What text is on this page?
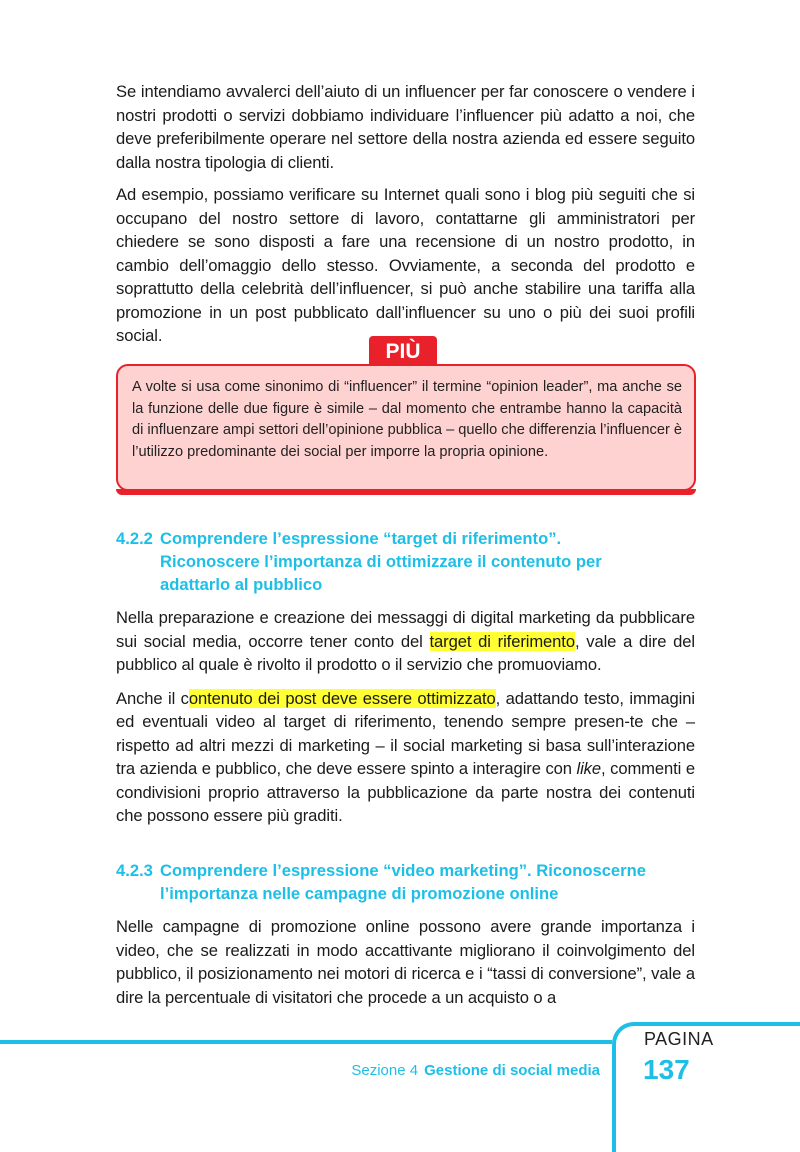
Se intendiamo avvalerci dell’aiuto di un influencer per far conoscere o vendere i nostri prodotti o servizi dobbiamo individuare l’influencer più adatto a noi, che deve preferibilmente operare nel settore della nostra azienda ed essere seguito dalla nostra tipologia di clienti.

Ad esempio, possiamo verificare su Internet quali sono i blog più seguiti che si occupano del nostro settore di lavoro, contattarne gli amministratori per chiedere se sono disposti a fare una recensione di un nostro prodotto, in cambio dell’omaggio dello stesso. Ovviamente, a seconda del prodotto e soprattutto della celebrità dell’influencer, si può anche stabilire una tariffa alla promozione in un post pubblicato dall’influencer su uno o più dei suoi profili social.

PIÙ

A volte si usa come sinonimo di “influencer” il termine “opinion leader”, ma anche se la funzione delle due figure è simile – dal momento che entrambe hanno la capacità di influenzare ampi settori dell’opinione pubblica – quello che differenzia l’influencer è l’utilizzo predominante dei social per imporre la propria opinione.

4.2.2 Comprendere l’espressione “target di riferimento”.
Riconoscere l’importanza di ottimizzare il contenuto per
adattarlo al pubblico

Nella preparazione e creazione dei messaggi di digital marketing da pubblicare sui social media, occorre tener conto del target di riferimento, vale a dire del pubblico al quale è rivolto il prodotto o il servizio che promuoviamo.

Anche il contenuto dei post deve essere ottimizzato, adattando testo, immagini ed eventuali video al target di riferimento, tenendo sempre presen-te che – rispetto ad altri mezzi di marketing – il social marketing si basa sull’interazione tra azienda e pubblico, che deve essere spinto a interagire con like, commenti e condivisioni proprio attraverso la pubblicazione da parte nostra dei contenuti che possono essere più graditi.

4.2.3 Comprendere l’espressione “video marketing”. Riconoscerne
l’importanza nelle campagne di promozione online

Nelle campagne di promozione online possono avere grande importanza i video, che se realizzati in modo accattivante migliorano il coinvolgimento del pubblico, il posizionamento nei motori di ricerca e i “tassi di conversione”, vale a dire la percentuale di visitatori che procede a un acquisto o a

PAGINA
137
Sezione 4 Gestione di social media
